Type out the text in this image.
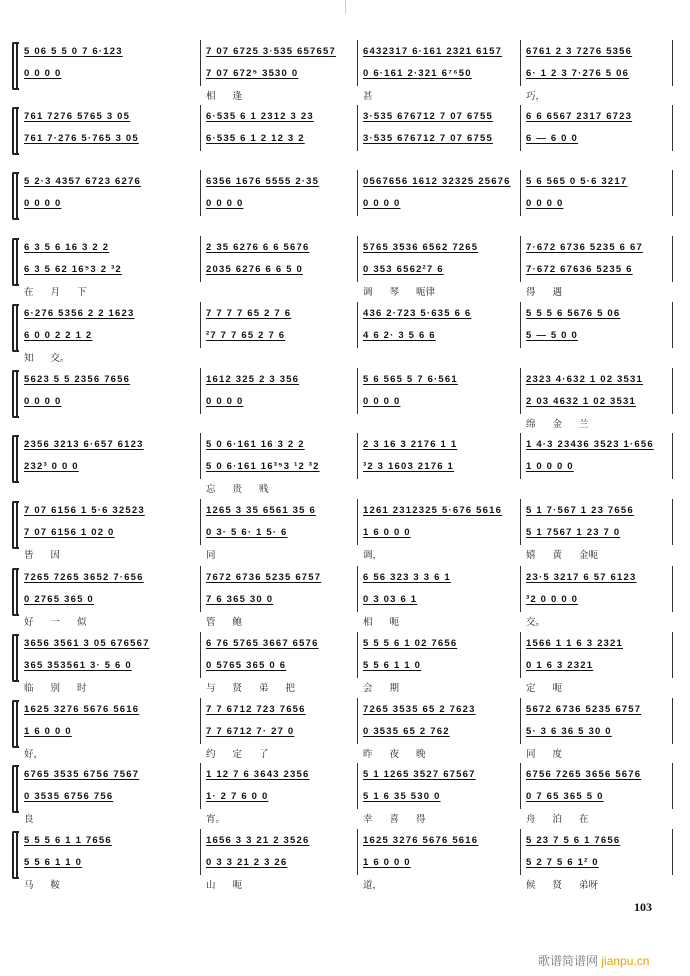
5 06 5 5 0 7 6·123
0 0 0 0
7 07 6725 3·535 657657
7 07 672⁵ 3530 0
相 逢
6432317 6·161 2321 6157
0 6·161 2·321 6⁷⁶50
甚
6761 2 3 7276 5356
6· 1 2 3 7·276 5 06
巧，
761 7276 5765 3 05
761 7·276 5·765 3 05
6·535 6 1 2312 3 23
6·535 6 1 2 12 3 2
3·535 676712 7 07 6755
3·535 676712 7 07 6755
6 6 6567 2317 6723
6 — 6 0 0
5 2·3 4357 6723 6276
0 0 0 0
6356 1676 5555 2·35
0 0 0 0
0567656 1612 32325 25676
0 0 0 0
5 6 565 0 5·6 3217
0 0 0 0
6 3 5 6 16 3 2 2
6 3 5 62 16⁵3 2 ³2
在 月 下
2 35 6276 6 6 5676
2035 6276 6 6 5 0
5765 3536 6562 7265
0 353 6562²7 6
调 琴 呃律
7·672 6736 5235 6 67
7·672 67636 5235 6
得 遇
6·276 5356 2 2 1623
6 0 0 2 2 1 2
知 交。
7 7 7 7 65 2 7 6
²7 7 7 65 2 7 6
436 2·723 5·635 6 6
4 6 2· 3 5 6 6
5 5 5 6 5676 5 06
5 — 5 0 0
5623 5 5 2356 7656
0 0 0 0
1612 325 2 3 356
0 0 0 0
5 6 565 5 7 6·561
0 0 0 0
2323 4·632 1 02 3531
2 03 4632 1 02 3531
绵 金 兰
2356 3213 6·657 6123
232³ 0 0 0
5 0 6·161 16 3 2 2
5 0 6·161 16³⁵3 ¹2 ³2
忘 贵 贱
2 3 16 3 2176 1 1
³2 3 1603 2176 1
1 4·3 23436 3523 1·656
1 0 0 0 0
7 07 6156 1 5·6 32523
7 07 6156 1 02 0
皆 因
1265 3 35 6561 35 6
0 3· 5 6· 1 5· 6
同
1261 2312325 5·676 5616
1 6 0 0 0
调，
5 1 7·567 1 23 7656
5 1 7567 1 23 7 0
嬉 黄 金呃
7265 7265 3652 7·656
0 2765 365 0
好 一 似
7672 6736 5235 6757
7 6 365 30 0
管 鲍
6 56 323 3 3 6 1
0 3 03 6 1
相 呃
23·5 3217 6 57 6123
³2 0 0 0 0
交。
3656 3561 3 05 676567
365 353561 3· 5 6 0
临 别 时
6 76 5765 3667 6576
0 5765 365 0 6
与 贤 弟 把
5 5 5 6 1 02 7656
5 5 6 1 1 0
会 期
1566 1 1 6 3 2321
0 1 6 3 2321
定 呃
1625 3276 5676 5616
1 6 0 0 0
好，
7 7 6712 723 7656
7 7 6712 7· 27 0
约 定 了
7265 3535 65 2 7623
0 3535 65 2 762
昨 夜 晚
5672 6736 5235 6757
5· 3 6 36 5 30 0
同 度
6765 3535 6756 7567
0 3535 6756 756
良
1 12 7 6 3643 2356
1· 2 7 6 0 0
宵。
5 1 1265 3527 67567
5 1 6 35 530 0
幸 喜 得
6756 7265 3656 5676
0 7 65 365 5 0
舟 泊 在
5 5 5 6 1 1 7656
5 5 6 1 1 0
马 鞍
1656 3 3 21 2 3526
0 3 3 21 2 3 26
山 呃
1625 3276 5676 5616
1 6 0 0 0
道，
5 23 7 5 6 1 7656
5 2 7 5 6 1² 0
候 贤 弟呀
103
歌谱简谱网 jianpu.cn
